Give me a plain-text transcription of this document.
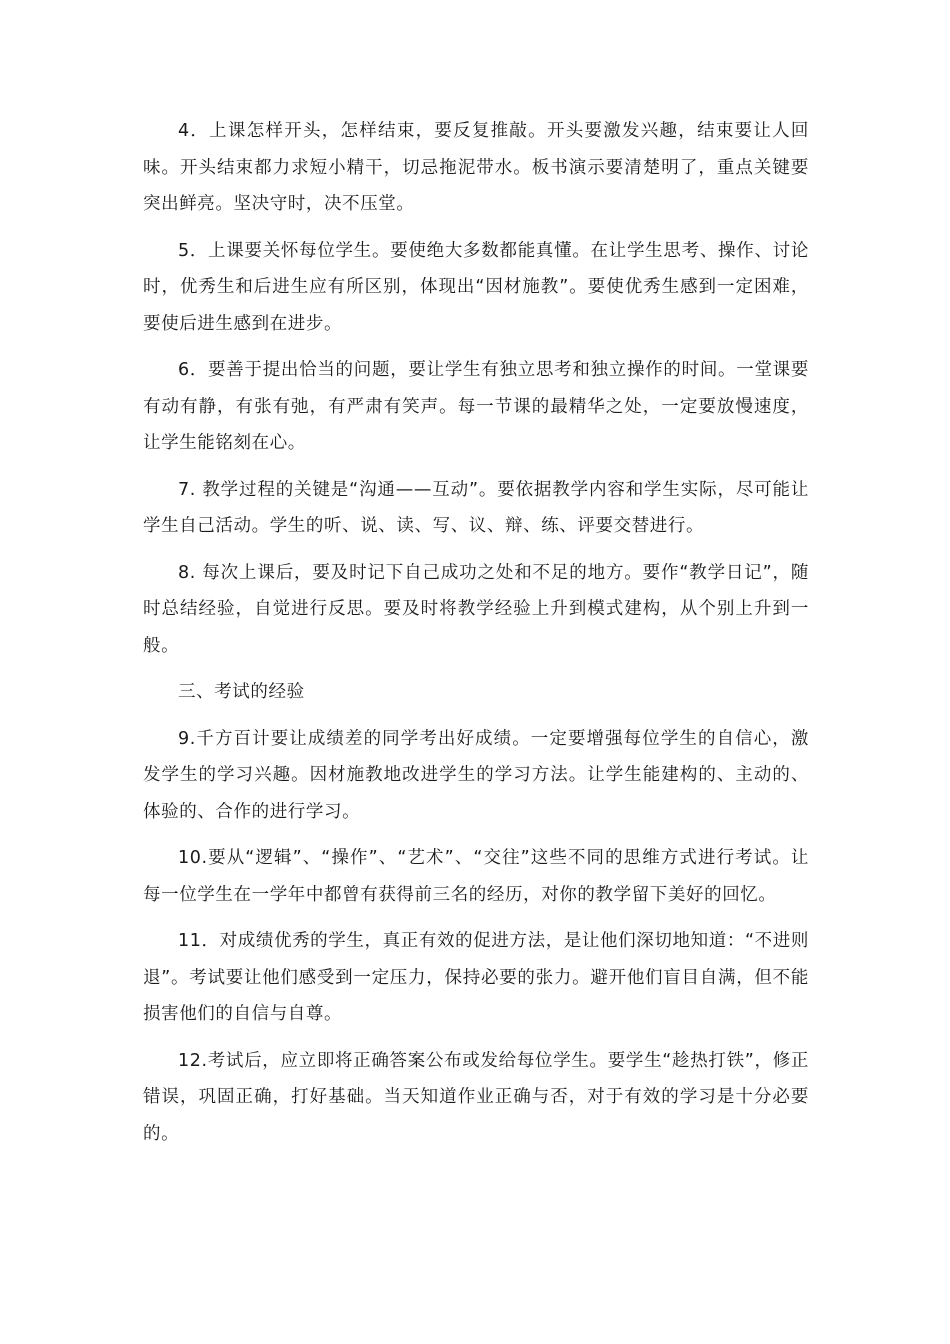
4．上课怎样开头，怎样结束，要反复推敲。开头要激发兴趣，结束要让人回味。开头结束都力求短小精干，切忌拖泥带水。板书演示要清楚明了，重点关键要突出鲜亮。坚决守时，决不压堂。

5．上课要关怀每位学生。要使绝大多数都能真懂。在让学生思考、操作、讨论时，优秀生和后进生应有所区别，体现出“因材施教”。要使优秀生感到一定困难，要使后进生感到在进步。

6．要善于提出恰当的问题，要让学生有独立思考和独立操作的时间。一堂课要有动有静，有张有弛，有严肃有笑声。每一节课的最精华之处，一定要放慢速度，让学生能铭刻在心。

7. 教学过程的关键是“沟通——互动”。要依据教学内容和学生实际，尽可能让学生自己活动。学生的听、说、读、写、议、辩、练、评要交替进行。

8. 每次上课后，要及时记下自己成功之处和不足的地方。要作“教学日记”，随时总结经验，自觉进行反思。要及时将教学经验上升到模式建构，从个别上升到一般。

三、考试的经验

9.千方百计要让成绩差的同学考出好成绩。一定要增强每位学生的自信心，激发学生的学习兴趣。因材施教地改进学生的学习方法。让学生能建构的、主动的、体验的、合作的进行学习。

10.要从“逻辑”、“操作”、“艺术”、“交往”这些不同的思维方式进行考试。让每一位学生在一学年中都曾有获得前三名的经历，对你的教学留下美好的回忆。

11．对成绩优秀的学生，真正有效的促进方法，是让他们深切地知道：“不进则退”。考试要让他们感受到一定压力，保持必要的张力。避开他们盲目自满，但不能损害他们的自信与自尊。

12.考试后，应立即将正确答案公布或发给每位学生。要学生“趁热打铁”，修正错误，巩固正确，打好基础。当天知道作业正确与否，对于有效的学习是十分必要的。
